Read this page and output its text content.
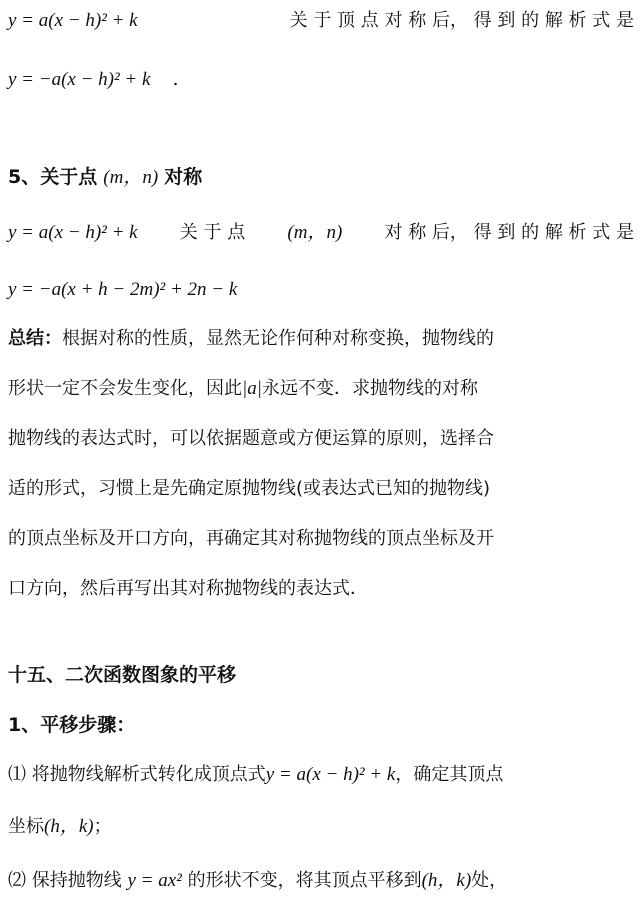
y = a(x − h)² + k	关 于 顶 点 对 称 后， 得 到 的 解 析 式 是
y = −a(x − h)² + k .
5、关于点 (m，n) 对称
y = a(x − h)² + k 关 于 点 (m，n) 对 称 后， 得 到 的 解 析 式 是
y = −a(x + h − 2m)² + 2n − k
总结：根据对称的性质，显然无论作何种对称变换，抛物线的
形状一定不会发生变化，因此|a|永远不变．求抛物线的对称
抛物线的表达式时，可以依据题意或方便运算的原则，选择合
适的形式，习惯上是先确定原抛物线(或表达式已知的抛物线)
的顶点坐标及开口方向，再确定其对称抛物线的顶点坐标及开
口方向，然后再写出其对称抛物线的表达式．
十五、二次函数图象的平移
1、平移步骤：
⑴ 将抛物线解析式转化成顶点式y = a(x − h)² + k，确定其顶点
坐标(h，k)；
⑵ 保持抛物线 y = ax² 的形状不变，将其顶点平移到(h，k)处，
